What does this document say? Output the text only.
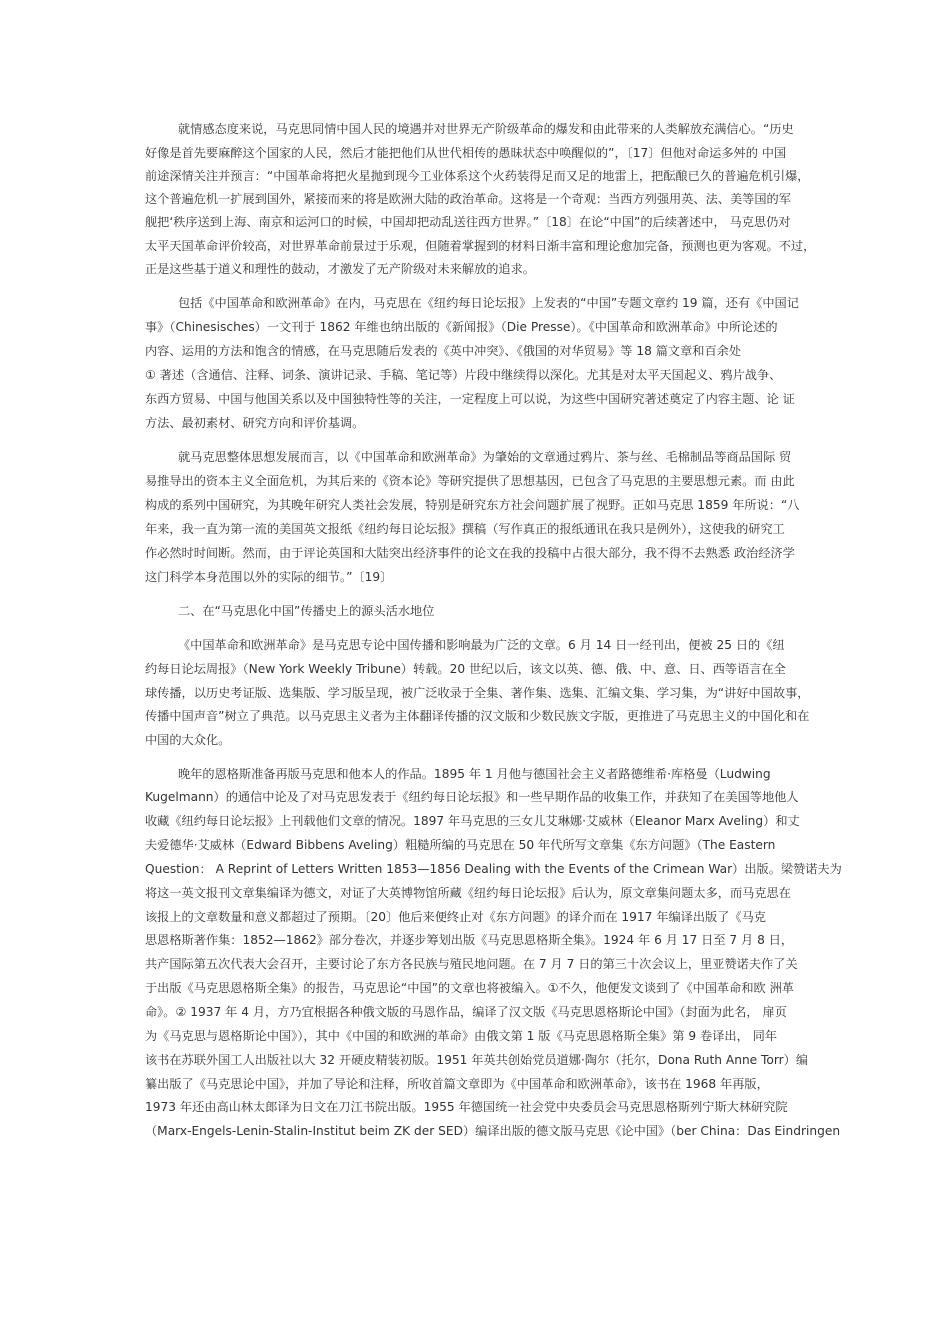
就情感态度来说，马克思同情中国人民的境遇并对世界无产阶级革命的爆发和由此带来的人类解放充满信心。“历史
好像是首先要麻醉这个国家的人民，然后才能把他们从世代相传的愚昧状态中唤醒似的”，〔17〕但他对命运多舛的 中国
前途深情关注并预言：“中国革命将把火星抛到现今工业体系这个火药装得足而又足的地雷上，把酝酿已久的普遍危机引爆，
这个普遍危机一扩展到国外，紧接而来的将是欧洲大陆的政治革命。这将是一个奇观：当西方列强用英、法、美等国的军
舰把‘秩序送到上海、南京和运河口的时候，中国却把动乱送往西方世界。”〔18〕在论“中国”的后续著述中， 马克思仍对
太平天国革命评价较高，对世界革命前景过于乐观，但随着掌握到的材料日渐丰富和理论愈加完备，预测也更为客观。不过，
正是这些基于道义和理性的鼓动，才激发了无产阶级对未来解放的追求。
包括《中国革命和欧洲革命》在内，马克思在《纽约每日论坛报》上发表的“中国”专题文章约 19 篇，还有《中国记
事》（Chinesisches）一文刊于 1862 年维也纳出版的《新闻报》（Die Presse）。《中国革命和欧洲革命》中所论述的
内容、运用的方法和饱含的情感，在马克思随后发表的《英中冲突》、《俄国的对华贸易》等 18 篇文章和百余处
① 著述（含通信、注释、词条、演讲记录、手稿、笔记等）片段中继续得以深化。尤其是对太平天国起义、鸦片战争、
东西方贸易、中国与他国关系以及中国独特性等的关注，一定程度上可以说，为这些中国研究著述奠定了内容主题、论 证
方法、最初素材、研究方向和评价基调。
就马克思整体思想发展而言，以《中国革命和欧洲革命》为肇始的文章通过鸦片、茶与丝、毛棉制品等商品国际 贸
易推导出的资本主义全面危机，为其后来的《资本论》等研究提供了思想基因，已包含了马克思的主要思想元素。而 由此
构成的系列中国研究，为其晚年研究人类社会发展，特别是研究东方社会问题扩展了视野。正如马克思 1859 年所说：“八
年来，我一直为第一流的美国英文报纸《纽约每日论坛报》撰稿（写作真正的报纸通讯在我只是例外），这使我的研究工
作必然时时间断。然而，由于评论英国和大陆突出经济事件的论文在我的投稿中占很大部分，我不得不去熟悉 政治经济学
这门科学本身范围以外的实际的细节。”〔19〕
二、在“马克思化中国”传播史上的源头活水地位
《中国革命和欧洲革命》是马克思专论中国传播和影响最为广泛的文章。6 月 14 日一经刊出，便被 25 日的《纽
约每日论坛周报》（New York Weekly Tribune）转载。20 世纪以后，该文以英、德、俄、中、意、日、西等语言在全
球传播，以历史考证版、选集版、学习版呈现，被广泛收录于全集、著作集、选集、汇编文集、学习集，为“讲好中国故事，
传播中国声音”树立了典范。以马克思主义者为主体翻译传播的汉文版和少数民族文字版，更推进了马克思主义的中国化和在
中国的大众化。
晚年的恩格斯准备再版马克思和他本人的作品。1895 年 1 月他与德国社会主义者路德维希·库格曼（Ludwing
Kugelmann）的通信中论及了对马克思发表于《纽约每日论坛报》和一些早期作品的收集工作，并获知了在美国等地他人
收藏《纽约每日论坛报》上刊载他们文章的情况。1897 年马克思的三女儿艾琳娜·艾威林（Eleanor Marx Aveling）和丈
夫爱德华·艾威林（Edward Bibbens Aveling）粗糙所编的马克思在 50 年代所写文章集《东方问题》（The Eastern
Question： A Reprint of Letters Written 1853—1856 Dealing with the Events of the Crimean War）出版。梁赞诺夫为
将这一英文报刊文章集编译为德文，对证了大英博物馆所藏《纽约每日论坛报》后认为，原文章集问题太多，而马克思在
该报上的文章数量和意义都超过了预期。〔20〕他后来便终止对《东方问题》的译介而在 1917 年编译出版了《马克
思恩格斯著作集：1852—1862》部分卷次，并逐步筹划出版《马克思恩格斯全集》。1924 年 6 月 17 日至 7 月 8 日，
共产国际第五次代表大会召开，主要讨论了东方各民族与殖民地问题。在 7 月 7 日的第三十次会议上，里亚赞诺夫作了关
于出版《马克思恩格斯全集》的报告，马克思论“中国”的文章也将被编入。①不久，他便发文谈到了《中国革命和欧 洲革
命》。② 1937 年 4 月，方乃宜根据各种俄文版的马恩作品，编译了汉文版《马克思恩格斯论中国》（封面为此名， 扉页
为《马克思与恩格斯论中国》），其中《中国的和欧洲的革命》由俄文第 1 版《马克思恩格斯全集》第 9 卷译出， 同年
该书在苏联外国工人出版社以大 32 开硬皮精装初版。1951 年英共创始党员道娜·陶尔（托尔，Dona Ruth Anne Torr）编
纂出版了《马克思论中国》，并加了导论和注释，所收首篇文章即为《中国革命和欧洲革命》，该书在 1968 年再版，
1973 年还由高山林太郎译为日文在刀江书院出版。1955 年德国统一社会党中央委员会马克思恩格斯列宁斯大林研究院
（Marx-Engels-Lenin-Stalin-Institut beim ZK der SED）编译出版的德文版马克思《论中国》（ber China：Das Eindringen
